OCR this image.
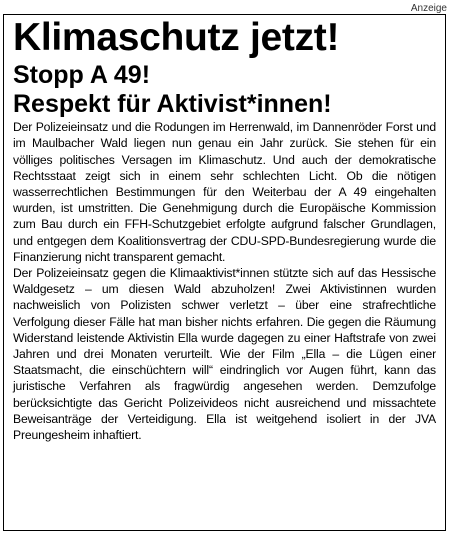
Anzeige
Klimaschutz jetzt!
Stopp A 49!
Respekt für Aktivist*innen!

Der Polizeieinsatz und die Rodungen im Herrenwald, im Dannenröder Forst und im Maulbacher Wald liegen nun genau ein Jahr zurück. Sie stehen für ein völliges politisches Versagen im Klimaschutz. Und auch der demokratische Rechtsstaat zeigt sich in einem sehr schlechten Licht. Ob die nötigen wasserrechtlichen Bestimmungen für den Weiterbau der A 49 eingehalten wurden, ist umstritten. Die Genehmigung durch die Europäische Kommission zum Bau durch ein FFH-Schutzgebiet erfolgte aufgrund falscher Grundlagen, und entgegen dem Koalitionsvertrag der CDU-SPD-Bundesregierung wurde die Finanzierung nicht transparent gemacht.

Der Polizeieinsatz gegen die Klimaaktivist*innen stützte sich auf das Hessische Waldgesetz – um diesen Wald abzuholzen! Zwei Aktivistinnen wurden nachweislich von Polizisten schwer verletzt – über eine strafrechtliche Verfolgung dieser Fälle hat man bisher nichts erfahren. Die gegen die Räumung Widerstand leistende Aktivistin Ella wurde dagegen zu einer Haftstrafe von zwei Jahren und drei Monaten verurteilt. Wie der Film „Ella – die Lügen einer Staatsmacht, die einschüchtern will“ eindringlich vor Augen führt, kann das juristische Verfahren als fragwürdig angesehen werden. Demzufolge berücksichtigte das Gericht Polizeivideos nicht ausreichend und missachtete Beweisanträge der Verteidigung. Ella ist weitgehend isoliert in der JVA Preungesheim inhaftiert.
